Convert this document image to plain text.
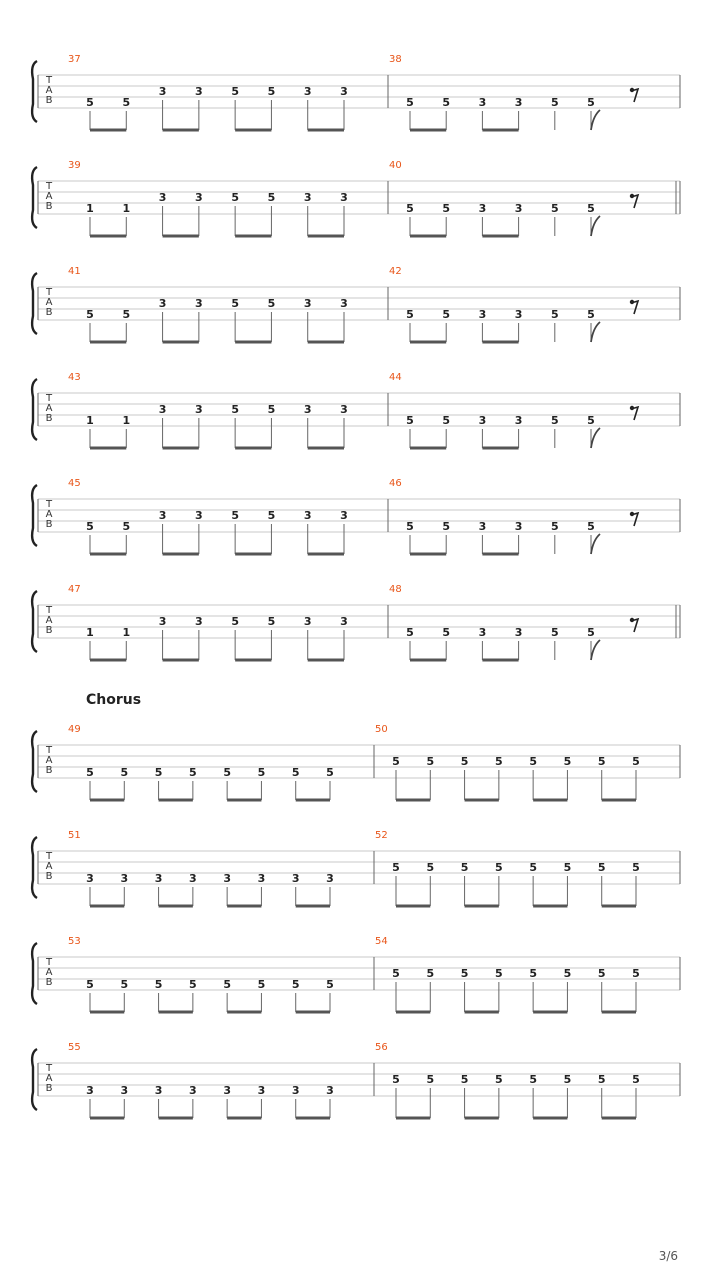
Chorus
T
A
B
37
5	5
3	3	5	5	3	3
38
5	5	3	3	5	5
T
A
B
39
1	1
3	3	5	5	3	3
40
5	5	3	3	5	5
T
A
B
41
5	5
3	3	5	5	3	3
42
5	5	3	3	5	5
T
A
B
43
1	1
3	3	5	5	3	3
44
5	5	3	3	5	5
T
A
B
45
5	5
3	3	5	5	3	3
46
5	5	3	3	5	5
T
A
B
47
1	1
3	3	5	5	3	3
48
5	5	3	3	5	5
T
A
B
49
5 5 5 5 5 5 5 5
50
5 5 5 5 5 5 5 5
T
A
B
51
3 3 3 3 3 3 3 3
52
5 5 5 5 5 5 5 5
T
A
B
53
5 5 5 5 5 5 5 5
54
5 5 5 5 5 5 5 5
T
A
B
55
3 3 3 3 3 3 3 3
56
5 5 5 5 5 5 5 5
3/6
